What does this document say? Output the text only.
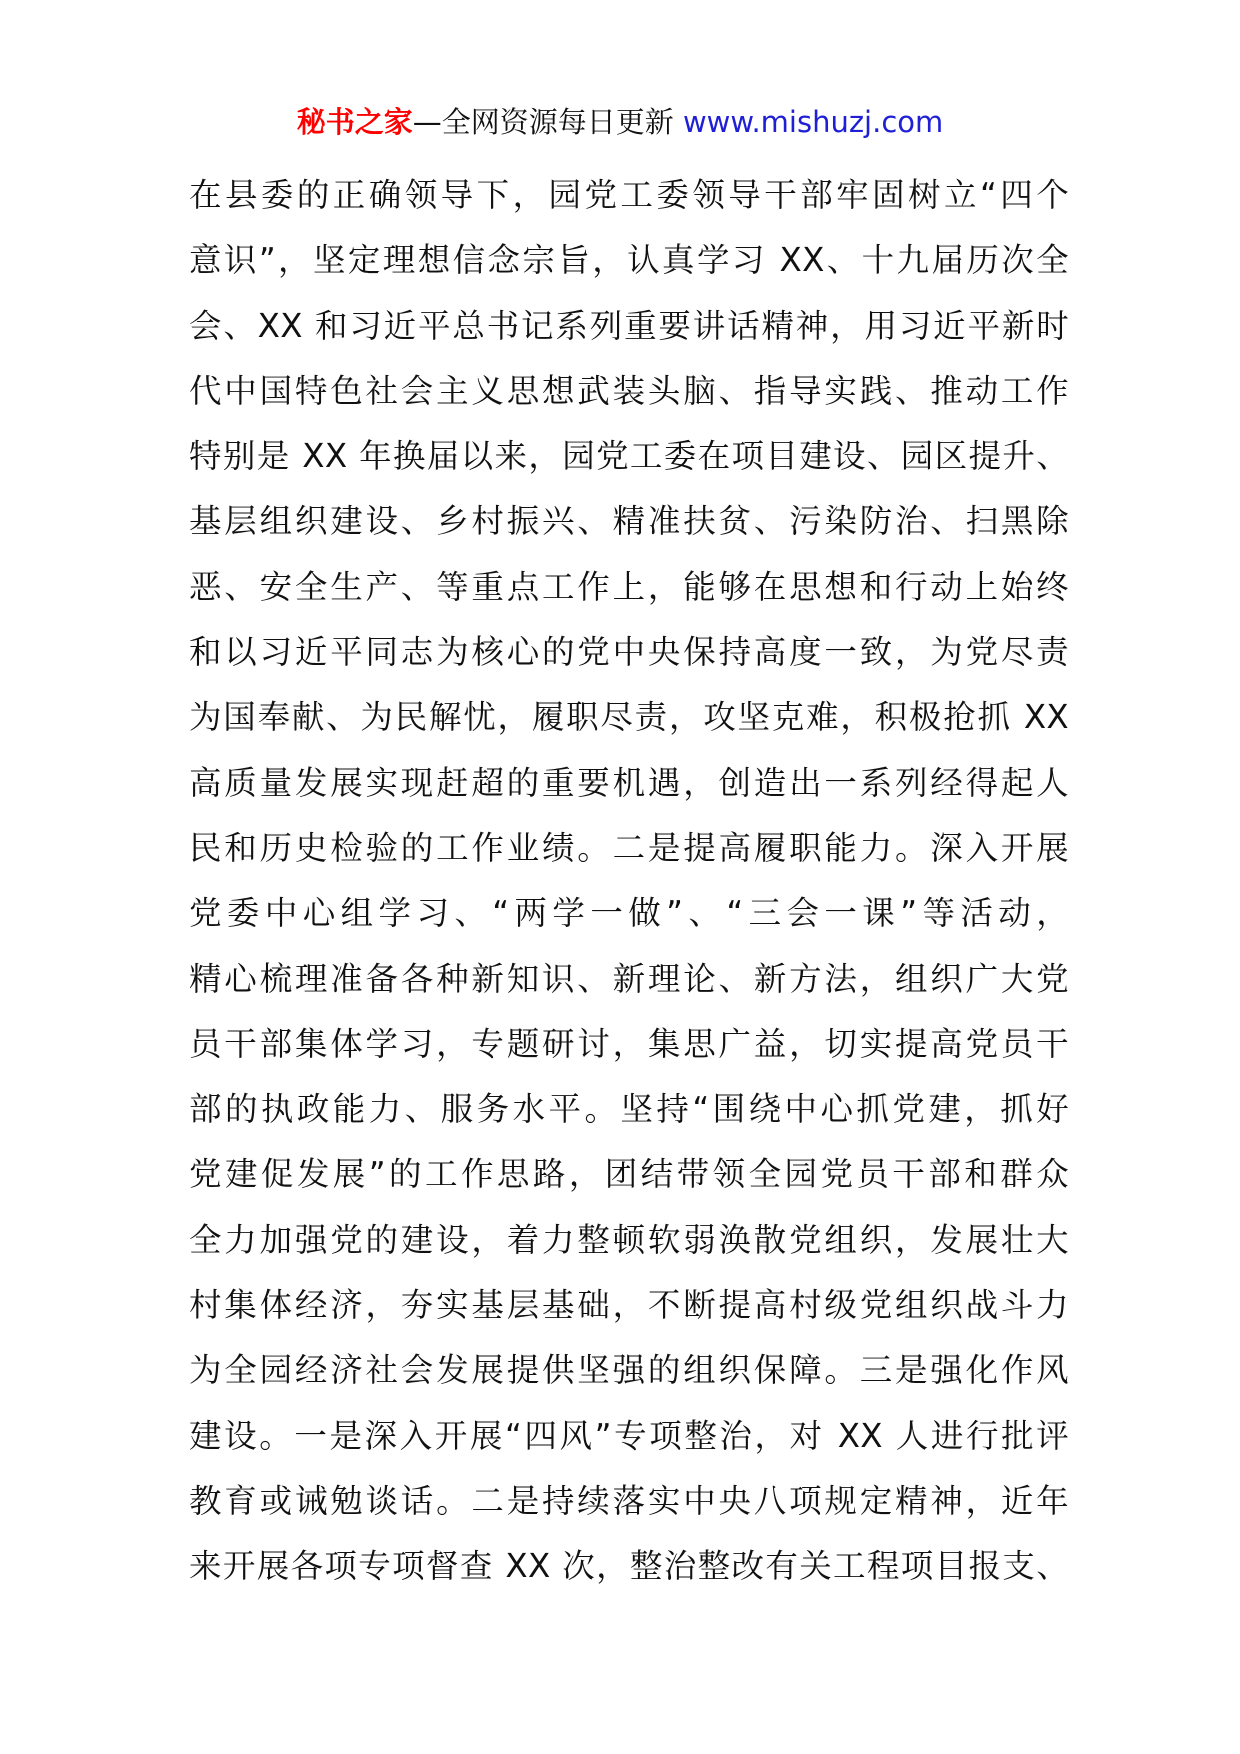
秘书之家—全网资源每日更新 www.mishuzj.com
在县委的正确领导下，园党工委领导干部牢固树立“四个
意识”，坚定理想信念宗旨，认真学习 XX、十九届历次全
会、XX 和习近平总书记系列重要讲话精神，用习近平新时
代中国特色社会主义思想武装头脑、指导实践、推动工作
特别是 XX 年换届以来，园党工委在项目建设、园区提升、
基层组织建设、乡村振兴、精准扶贫、污染防治、扫黑除
恶、安全生产、等重点工作上，能够在思想和行动上始终
和以习近平同志为核心的党中央保持高度一致，为党尽责
为国奉献、为民解忧，履职尽责，攻坚克难，积极抢抓 XX
高质量发展实现赶超的重要机遇，创造出一系列经得起人
民和历史检验的工作业绩。二是提高履职能力。深入开展
党委中心组学习、“两学一做”、“三会一课”等活动，
精心梳理准备各种新知识、新理论、新方法，组织广大党
员干部集体学习，专题研讨，集思广益，切实提高党员干
部的执政能力、服务水平。坚持“围绕中心抓党建，抓好
党建促发展”的工作思路，团结带领全园党员干部和群众
全力加强党的建设，着力整顿软弱涣散党组织，发展壮大
村集体经济，夯实基层基础，不断提高村级党组织战斗力
为全园经济社会发展提供坚强的组织保障。三是强化作风
建设。一是深入开展“四风”专项整治，对 XX 人进行批评
教育或诫勉谈话。二是持续落实中央八项规定精神，近年
来开展各项专项督查 XX 次，整治整改有关工程项目报支、
